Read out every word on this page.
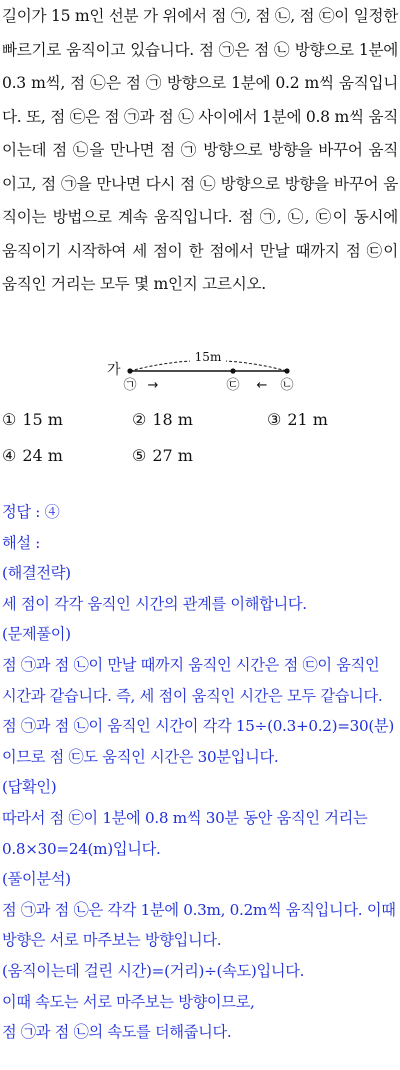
길이가 15 m인 선분 가 위에서 점 ㉠, 점 ㉡, 점 ㉢이 일정한 빠르기로 움직이고 있습니다. 점 ㉠은 점 ㉡ 방향으로 1분에 0.3 m씩, 점 ㉡은 점 ㉠ 방향으로 1분에 0.2 m씩 움직입니다. 또, 점 ㉢은 점 ㉠과 점 ㉡ 사이에서 1분에 0.8 m씩 움직이는데 점 ㉡을 만나면 점 ㉠ 방향으로 방향을 바꾸어 움직이고, 점 ㉠을 만나면 다시 점 ㉡ 방향으로 방향을 바꾸어 움직이는 방법으로 계속 움직입니다. 점 ㉠, ㉡, ㉢이 동시에 움직이기 시작하여 세 점이 한 점에서 만날 때까지 점 ㉢이 움직인 거리는 모두 몇 m인지 고르시오.
가
15m
㉠ →	㉢ ← ㉡
① 15 m	② 18 m	③ 21 m
④ 24 m	⑤ 27 m

정답 : ④

해설 :

(해결전략)

세 점이 각각 움직인 시간의 관계를 이해합니다.

(문제풀이)

점 ㉠과 점 ㉡이 만날 때까지 움직인 시간은 점 ㉢이 움직인 시간과 같습니다. 즉, 세 점이 움직인 시간은 모두 같습니다. 점 ㉠과 점 ㉡이 움직인 시간이 각각 15÷(0.3+0.2)=30(분)이므로 점 ㉢도 움직인 시간은 30분입니다.

(답확인)

따라서 점 ㉢이 1분에 0.8 m씩 30분 동안 움직인 거리는 0.8×30=24(m)입니다.

(풀이분석)

점 ㉠과 점 ㉡은 각각 1분에 0.3m, 0.2m씩 움직입니다. 이때 방향은 서로 마주보는 방향입니다.

(움직이는데 걸린 시간)=(거리)÷(속도)입니다.

이때 속도는 서로 마주보는 방향이므로,

점 ㉠과 점 ㉡의 속도를 더해줍니다.
